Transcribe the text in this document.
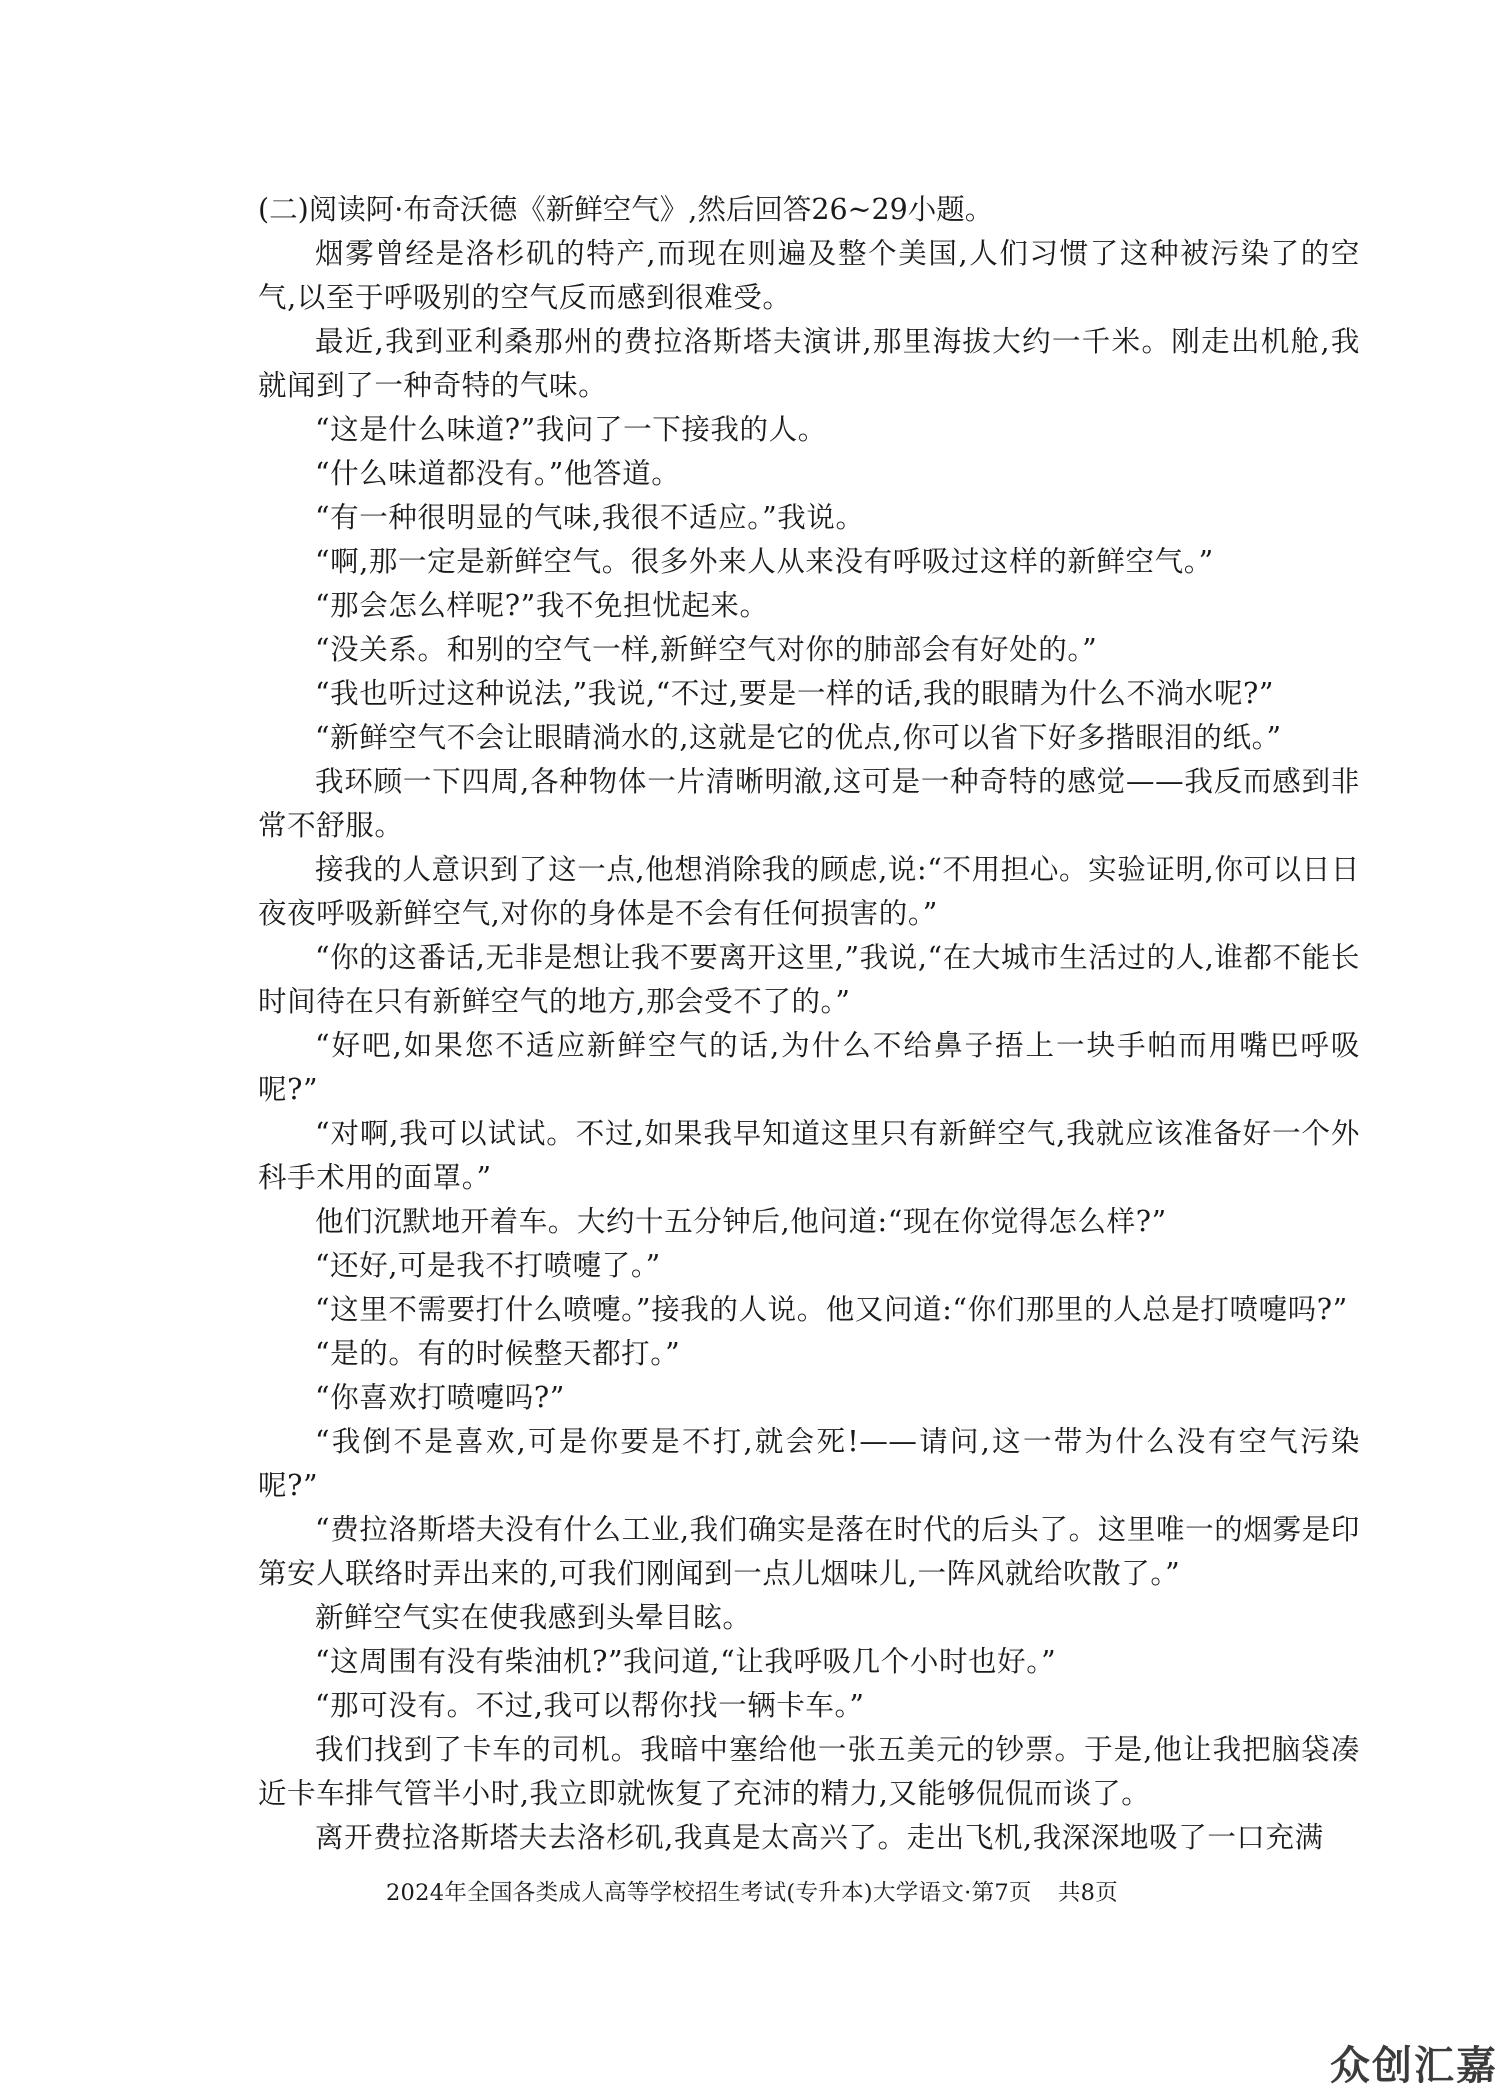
(二)阅读阿·布奇沃德《新鲜空气》,然后回答26~29小题。

烟雾曾经是洛杉矶的特产,而现在则遍及整个美国,人们习惯了这种被污染了的空气,以至于呼吸别的空气反而感到很难受。

最近,我到亚利桑那州的费拉洛斯塔夫演讲,那里海拔大约一千米。刚走出机舱,我就闻到了一种奇特的气味。

“这是什么味道?”我问了一下接我的人。

“什么味道都没有。”他答道。

“有一种很明显的气味,我很不适应。”我说。

“啊,那一定是新鲜空气。很多外来人从来没有呼吸过这样的新鲜空气。”

“那会怎么样呢?”我不免担忧起来。

“没关系。和别的空气一样,新鲜空气对你的肺部会有好处的。”

“我也听过这种说法,”我说,“不过,要是一样的话,我的眼睛为什么不淌水呢?”

“新鲜空气不会让眼睛淌水的,这就是它的优点,你可以省下好多揩眼泪的纸。”

我环顾一下四周,各种物体一片清晰明澈,这可是一种奇特的感觉——我反而感到非常不舒服。

接我的人意识到了这一点,他想消除我的顾虑,说:“不用担心。实验证明,你可以日日夜夜呼吸新鲜空气,对你的身体是不会有任何损害的。”

“你的这番话,无非是想让我不要离开这里,”我说,“在大城市生活过的人,谁都不能长时间待在只有新鲜空气的地方,那会受不了的。”

“好吧,如果您不适应新鲜空气的话,为什么不给鼻子捂上一块手帕而用嘴巴呼吸呢?”

“对啊,我可以试试。不过,如果我早知道这里只有新鲜空气,我就应该准备好一个外科手术用的面罩。”

他们沉默地开着车。大约十五分钟后,他问道:“现在你觉得怎么样?”

“还好,可是我不打喷嚏了。”

“这里不需要打什么喷嚏。”接我的人说。他又问道:“你们那里的人总是打喷嚏吗?”

“是的。有的时候整天都打。”

“你喜欢打喷嚏吗?”

“我倒不是喜欢,可是你要是不打,就会死!——请问,这一带为什么没有空气污染呢?”

“费拉洛斯塔夫没有什么工业,我们确实是落在时代的后头了。这里唯一的烟雾是印第安人联络时弄出来的,可我们刚闻到一点儿烟味儿,一阵风就给吹散了。”

新鲜空气实在使我感到头晕目眩。

“这周围有没有柴油机?”我问道,“让我呼吸几个小时也好。”

“那可没有。不过,我可以帮你找一辆卡车。”

我们找到了卡车的司机。我暗中塞给他一张五美元的钞票。于是,他让我把脑袋凑近卡车排气管半小时,我立即就恢复了充沛的精力,又能够侃侃而谈了。

离开费拉洛斯塔夫去洛杉矶,我真是太高兴了。走出飞机,我深深地吸了一口充满

2024年全国各类成人高等学校招生考试(专升本)大学语文·第7页 共8页
众创汇嘉
